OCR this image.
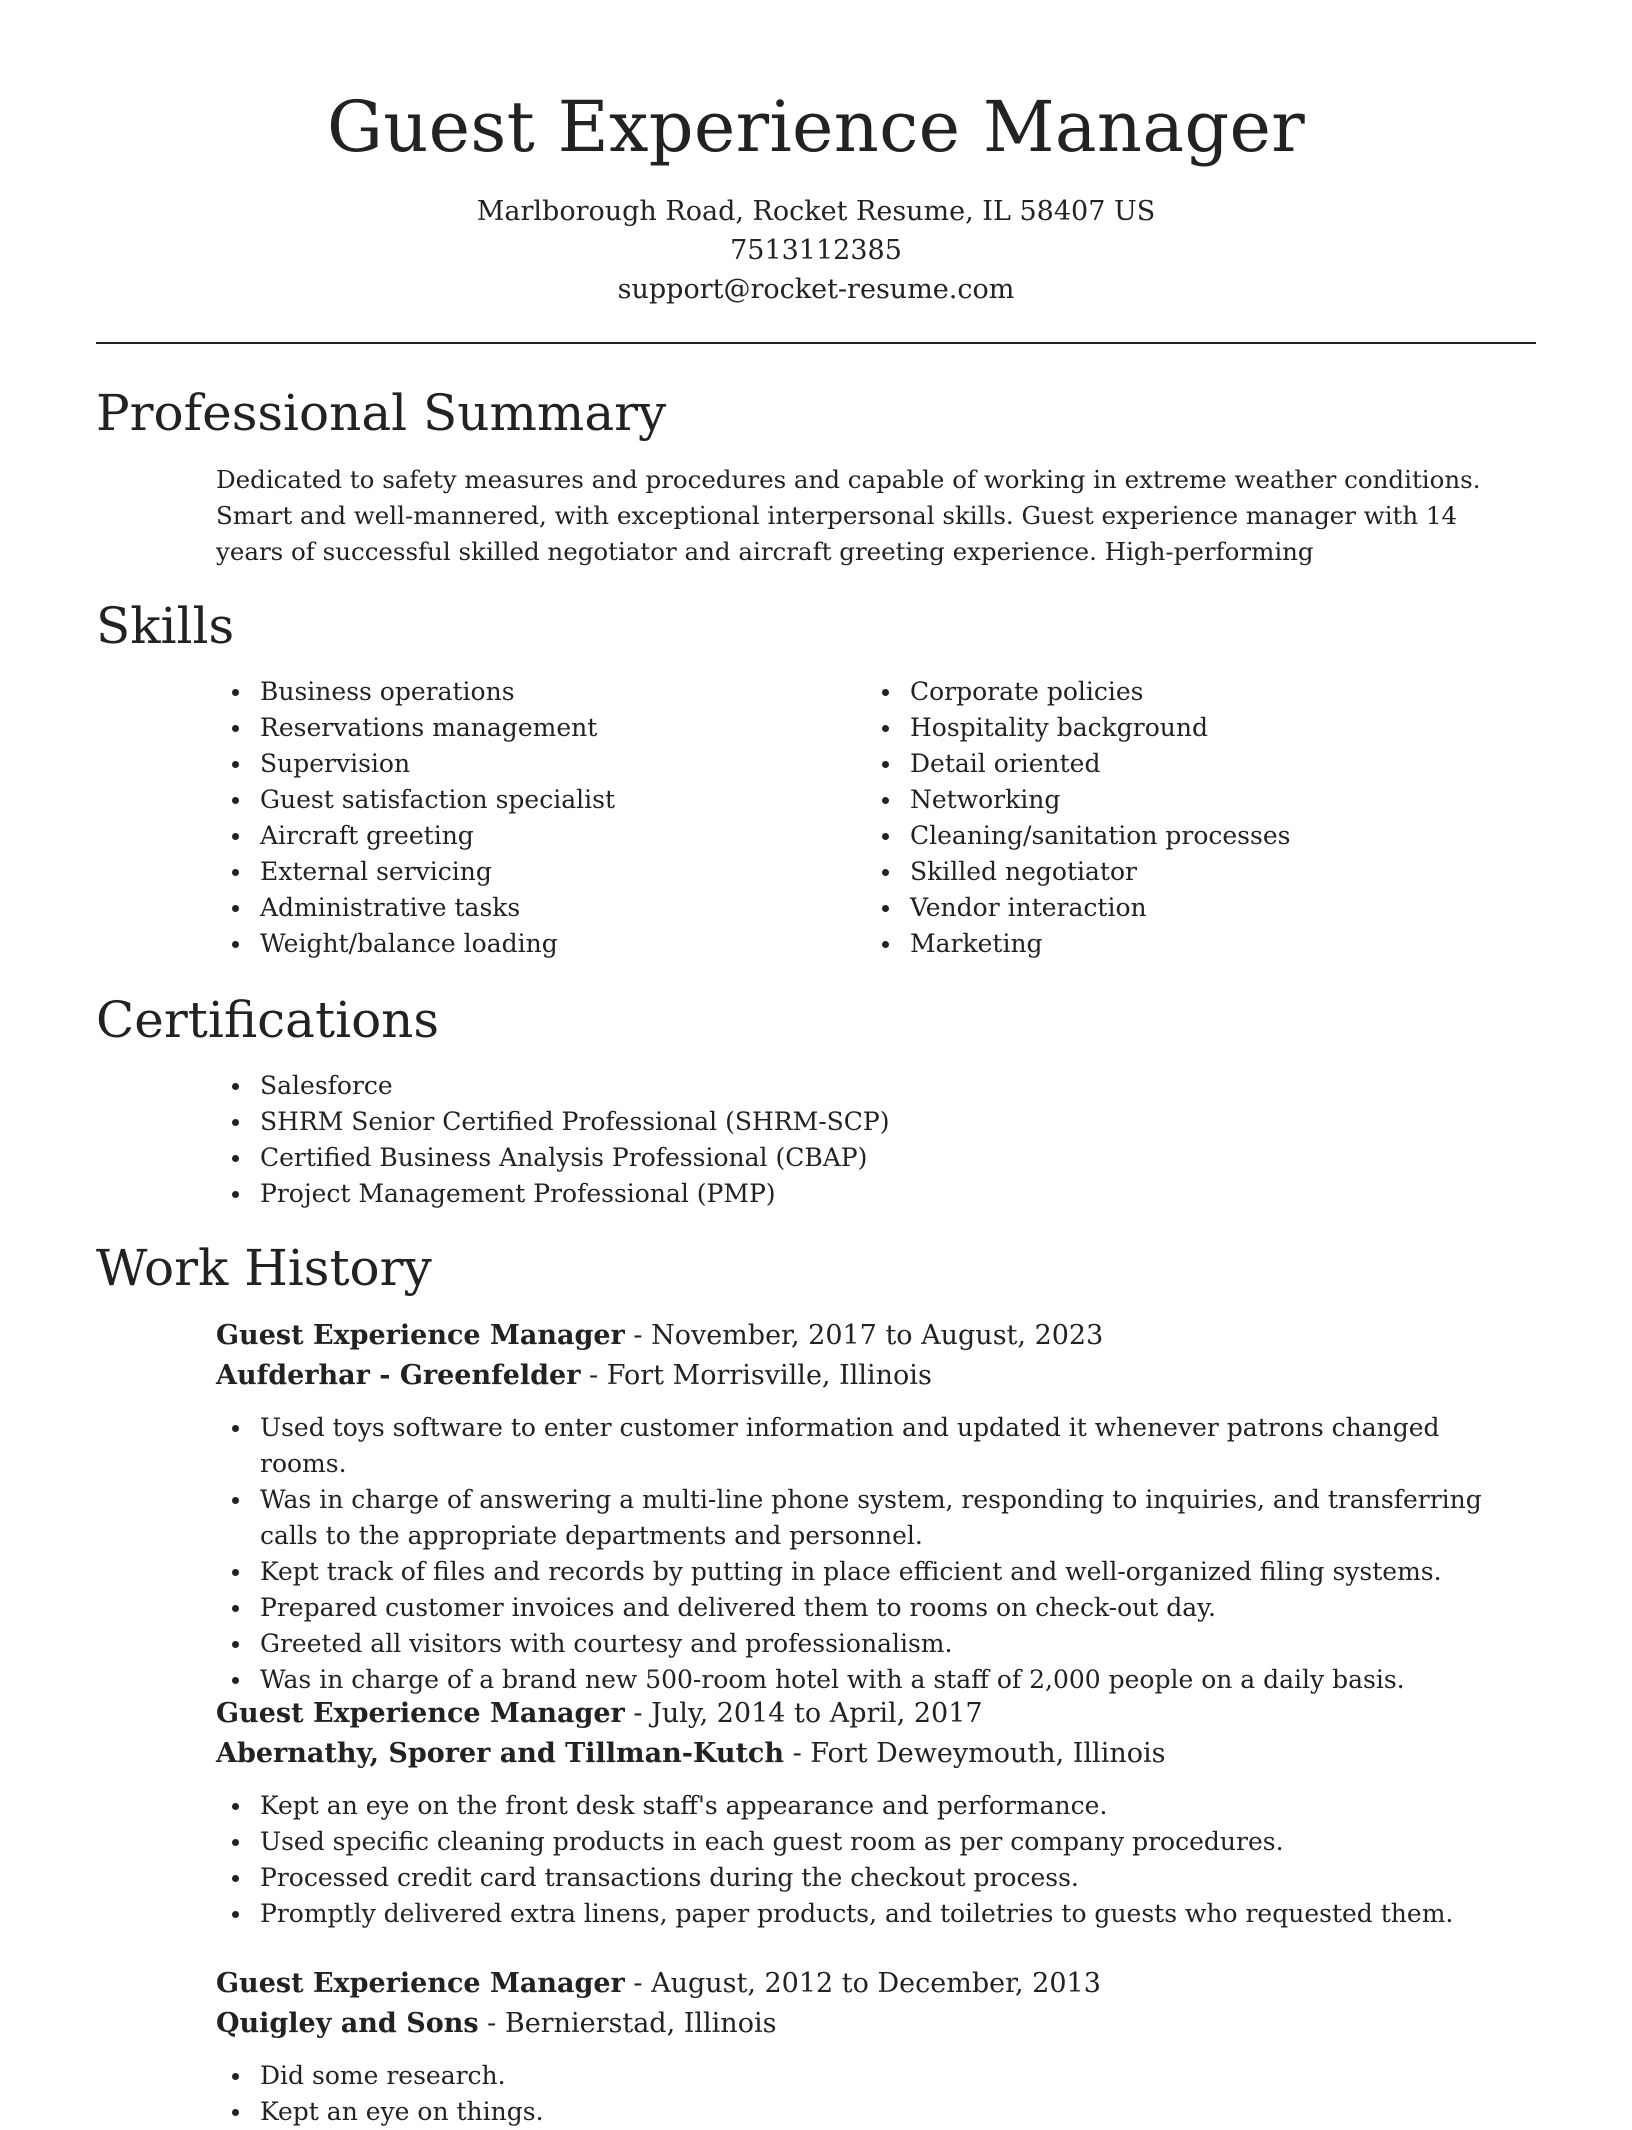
Guest Experience Manager
Marlborough Road, Rocket Resume, IL 58407 US
7513112385
support@rocket-resume.com
Professional Summary

Dedicated to safety measures and procedures and capable of working in extreme weather conditions. Smart and well-mannered, with exceptional interpersonal skills. Guest experience manager with 14 years of successful skilled negotiator and aircraft greeting experience. High-performing

Skills
Business operations
Reservations management
Supervision
Guest satisfaction specialist
Aircraft greeting
External servicing
Administrative tasks
Weight/balance loading
Corporate policies
Hospitality background
Detail oriented
Networking
Cleaning/sanitation processes
Skilled negotiator
Vendor interaction
Marketing
Certifications
Salesforce
SHRM Senior Certified Professional (SHRM-SCP)
Certified Business Analysis Professional (CBAP)
Project Management Professional (PMP)
Work History

Guest Experience Manager - November, 2017 to August, 2023

Aufderhar - Greenfelder - Fort Morrisville, Illinois

Used toys software to enter customer information and updated it whenever patrons changed rooms.
Was in charge of answering a multi-line phone system, responding to inquiries, and transferring calls to the appropriate departments and personnel.
Kept track of files and records by putting in place efficient and well-organized filing systems.
Prepared customer invoices and delivered them to rooms on check-out day.
Greeted all visitors with courtesy and professionalism.
Was in charge of a brand new 500-room hotel with a staff of 2,000 people on a daily basis.

Guest Experience Manager - July, 2014 to April, 2017

Abernathy, Sporer and Tillman-Kutch - Fort Deweymouth, Illinois

Kept an eye on the front desk staff's appearance and performance.
Used specific cleaning products in each guest room as per company procedures.
Processed credit card transactions during the checkout process.
Promptly delivered extra linens, paper products, and toiletries to guests who requested them.

Guest Experience Manager - August, 2012 to December, 2013

Quigley and Sons - Bernierstad, Illinois

Did some research.
Kept an eye on things.
